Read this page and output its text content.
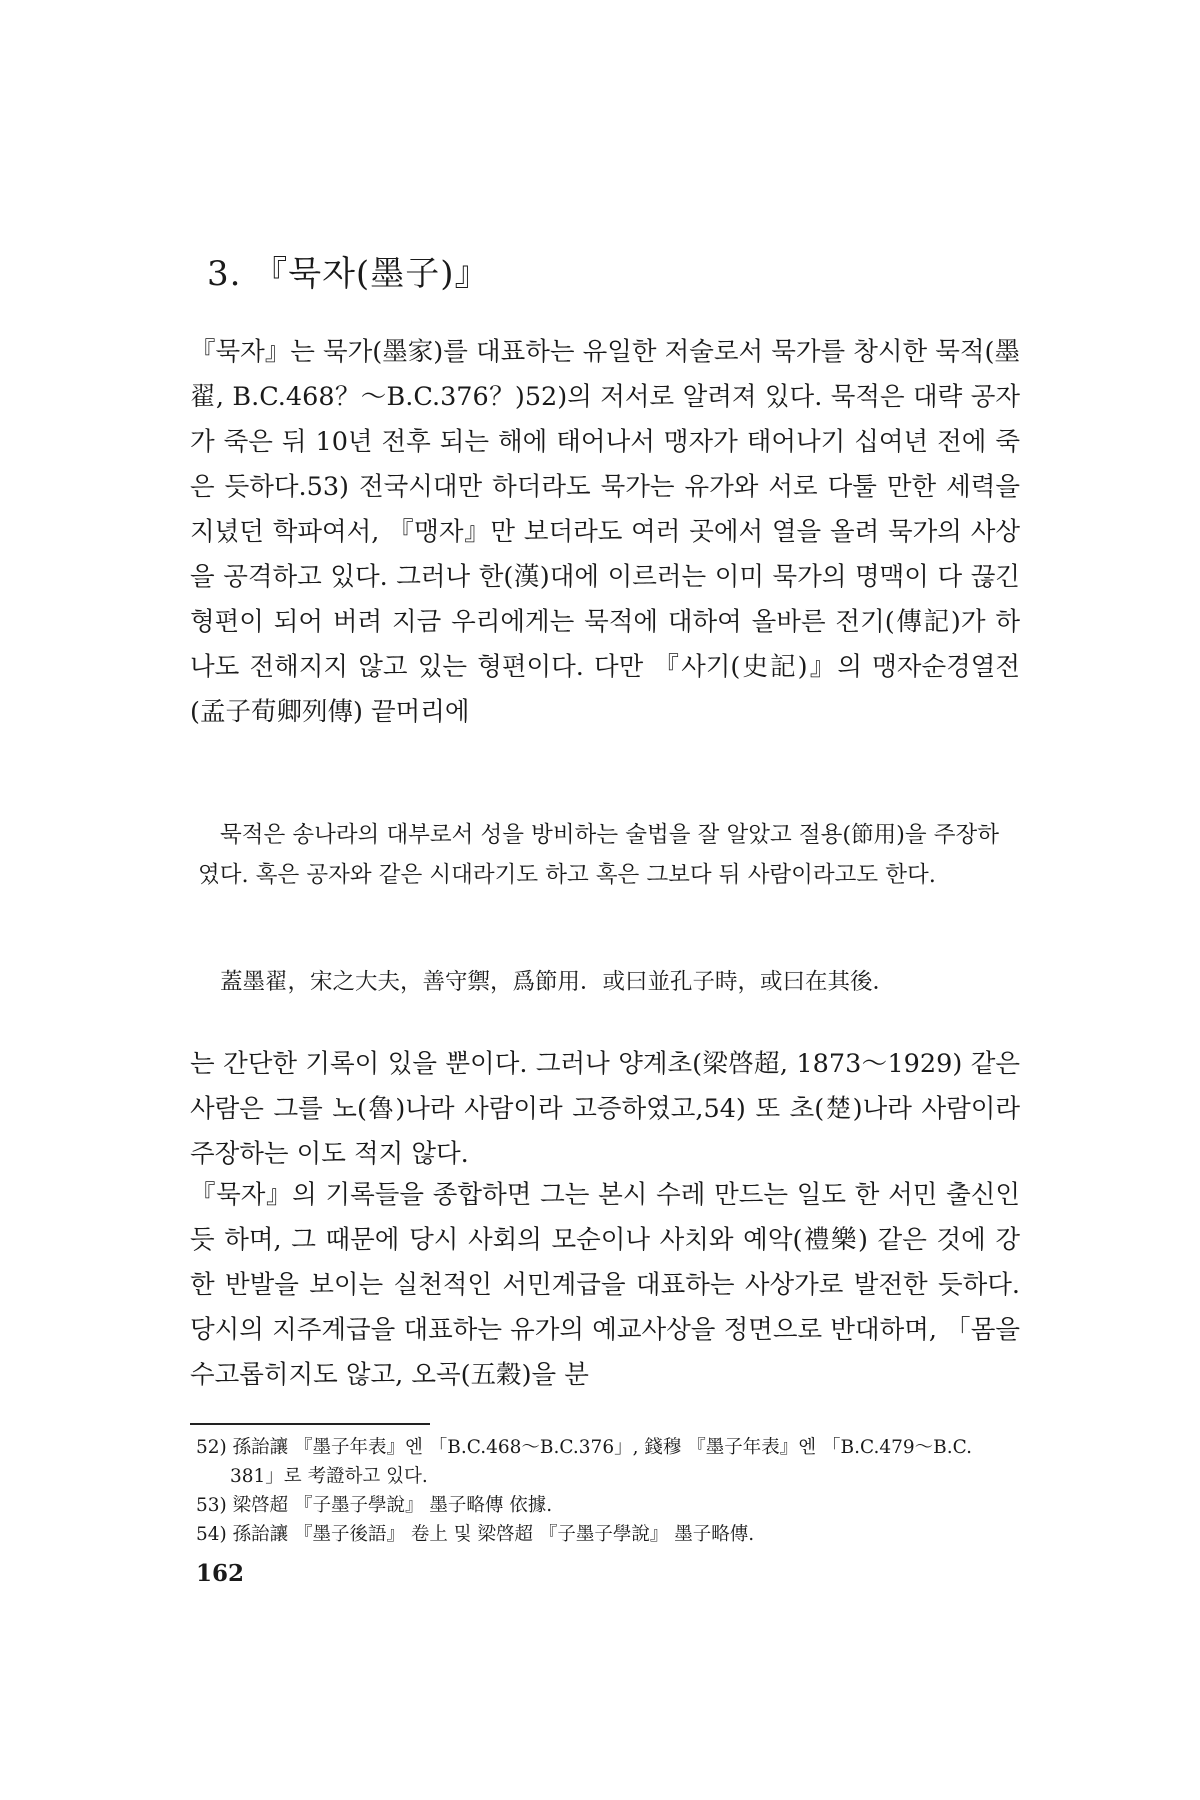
3. 『묵자(墨子)』

『묵자』는 묵가(墨家)를 대표하는 유일한 저술로서 묵가를 창시한 묵적(墨翟, B.C.468？～B.C.376？)52)의 저서로 알려져 있다. 묵적은 대략 공자가 죽은 뒤 10년 전후 되는 해에 태어나서 맹자가 태어나기 십여년 전에 죽은 듯하다.53) 전국시대만 하더라도 묵가는 유가와 서로 다툴 만한 세력을 지녔던 학파여서, 『맹자』만 보더라도 여러 곳에서 열을 올려 묵가의 사상을 공격하고 있다. 그러나 한(漢)대에 이르러는 이미 묵가의 명맥이 다 끊긴 형편이 되어 버려 지금 우리에게는 묵적에 대하여 올바른 전기(傳記)가 하나도 전해지지 않고 있는 형편이다. 다만 『사기(史記)』의 맹자순경열전(孟子荀卿列傳) 끝머리에

묵적은 송나라의 대부로서 성을 방비하는 술법을 잘 알았고 절용(節用)을 주장하였다. 혹은 공자와 같은 시대라기도 하고 혹은 그보다 뒤 사람이라고도 한다.

蓋墨翟，宋之大夫，善守禦，爲節用．或曰並孔子時，或曰在其後．

는 간단한 기록이 있을 뿐이다. 그러나 양계초(梁啓超, 1873～1929) 같은 사람은 그를 노(魯)나라 사람이라 고증하였고,54) 또 초(楚)나라 사람이라 주장하는 이도 적지 않다.

『묵자』의 기록들을 종합하면 그는 본시 수레 만드는 일도 한 서민 출신인듯 하며, 그 때문에 당시 사회의 모순이나 사치와 예악(禮樂) 같은 것에 강한 반발을 보이는 실천적인 서민계급을 대표하는 사상가로 발전한 듯하다. 당시의 지주계급을 대표하는 유가의 예교사상을 정면으로 반대하며, 「몸을 수고롭히지도 않고, 오곡(五穀)을 분

52) 孫詒讓 『墨子年表』엔 「B.C.468～B.C.376」, 錢穆 『墨子年表』엔 「B.C.479～B.C. 381」로 考證하고 있다.
53) 梁啓超 『子墨子學說』 墨子略傳 依據.
54) 孫詒讓 『墨子後語』 卷上 및 梁啓超 『子墨子學說』 墨子略傳.
162
